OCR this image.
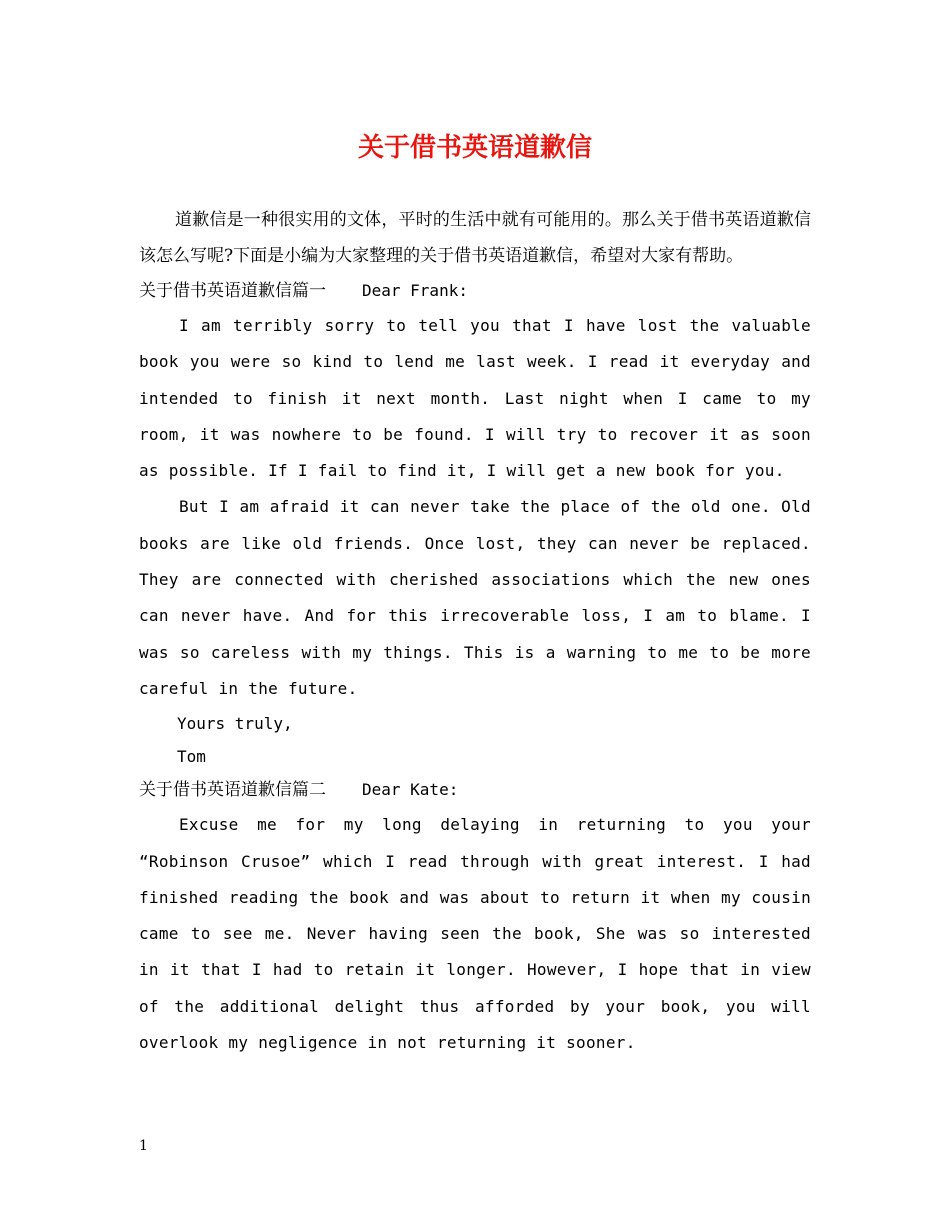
关于借书英语道歉信

道歉信是一种很实用的文体，平时的生活中就有可能用的。那么关于借书英语道歉信该怎么写呢?下面是小编为大家整理的关于借书英语道歉信，希望对大家有帮助。

关于借书英语道歉信篇一 Dear Frank:

I am terribly sorry to tell you that I have lost the valuable book you were so kind to lend me last week. I read it everyday and intended to finish it next month. Last night when I came to my room, it was nowhere to be found. I will try to recover it as soon as possible. If I fail to find it, I will get a new book for you.

But I am afraid it can never take the place of the old one. Old books are like old friends. Once lost, they can never be replaced. They are connected with cherished associations which the new ones can never have. And for this irrecoverable loss, I am to blame. I was so careless with my things. This is a warning to me to be more careful in the future.

Yours truly,

Tom

关于借书英语道歉信篇二 Dear Kate:

Excuse me for my long delaying in returning to you your “Robinson Crusoe” which I read through with great interest. I had finished reading the book and was about to return it when my cousin came to see me. Never having seen the book, She was so interested in it that I had to retain it longer. However, I hope that in view of the additional delight thus afforded by your book, you will overlook my negligence in not returning it sooner.

1
